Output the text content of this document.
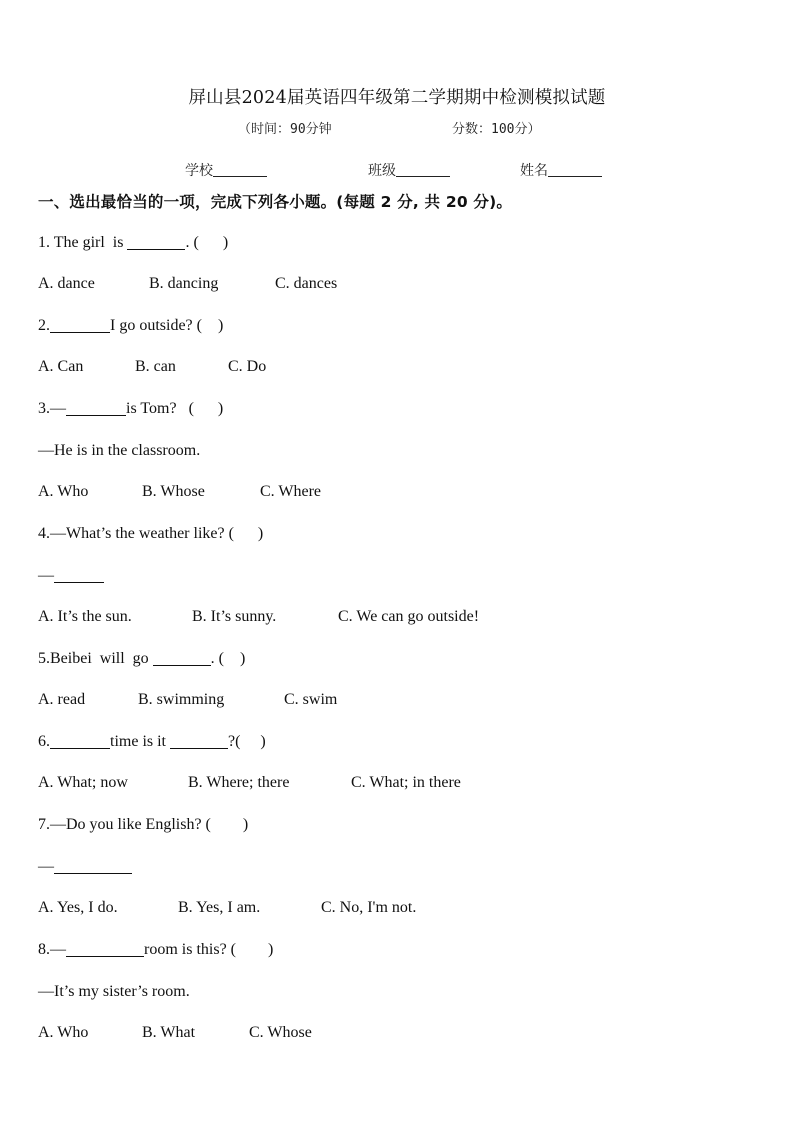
屏山县2024届英语四年级第二学期期中检测模拟试题
（时间：90分钟	分数：100分）
学校	班级	姓名
一、选出最恰当的一项，完成下列各小题。(每题 2 分, 共 20 分)。
1. The girl  is	. (      )
A. dance	B. dancing	C. dances
2.	I go outside? (    )
A. Can	B. can	C. Do
3.—	is Tom?   (      )
—He is in the classroom.
A. Who	B. Whose	C. Where
4.—What’s the weather like? (      )
—
A. It’s the sun.	B. It’s sunny.	C. We can go outside!
5.Beibei  will  go	. (    )
A. read	B. swimming	C. swim
6.	time is it	?(     )
A. What; now	B. Where; there	C. What; in there
7.—Do you like English? (        )
—
A. Yes, I do.	B. Yes, I am.	C. No, I'm not.
8.—	room is this? (        )
—It’s my sister’s room.
A. Who	B. What	C. Whose
